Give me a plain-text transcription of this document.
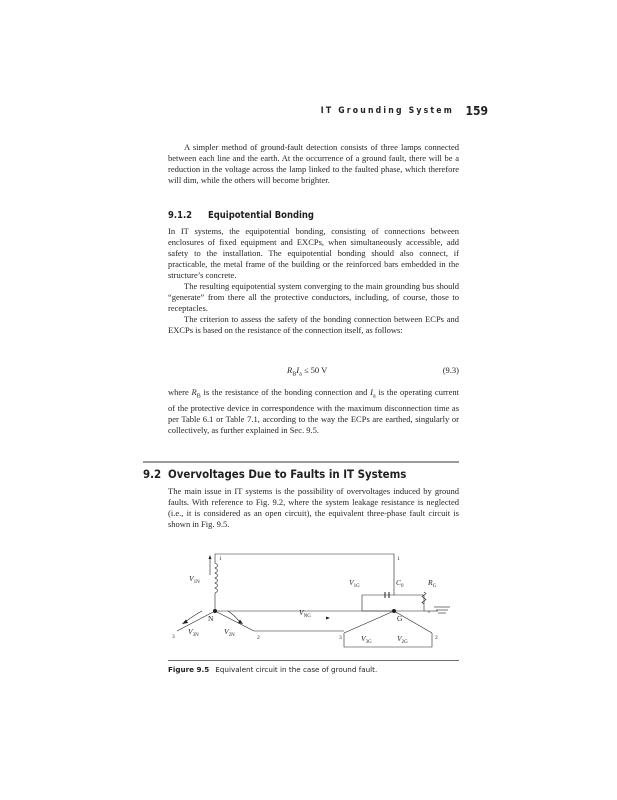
IT Grounding System 159

A simpler method of ground-fault detection consists of three lamps connected between each line and the earth. At the occurrence of a ground fault, there will be a reduction in the voltage across the lamp linked to the faulted phase, which therefore will dim, while the others will become brighter.

9.1.2 Equipotential Bonding

In IT systems, the equipotential bonding, consisting of connections between enclosures of fixed equipment and EXCPs, when simultaneously accessible, add safety to the installation. The equipotential bonding should also connect, if practicable, the metal frame of the building or the reinforced bars embedded in the structure’s concrete.

The resulting equipotential system converging to the main grounding bus should “generate” from there all the protective conductors, including, of course, those to receptacles.

The criterion to assess the safety of the bonding connection between ECPs and EXCPs is based on the resistance of the connection itself, as follows:

$R_BI_a \le 50$ V	(9.3)

where $R_B$ is the resistance of the bonding connection and $I_a$ is the operating current of the protective device in correspondence with the maximum disconnection time as per Table 6.1 or Table 7.1, according to the way the ECPs are earthed, singularly or collectively, as further explained in Sec. 9.5.

9.2 Overvoltages Due to Faults in IT Systems

The main issue in IT systems is the possibility of overvoltages induced by ground faults. With reference to Fig. 9.2, where the system leakage resistance is neglected (i.e., it is considered as an open circuit), the equivalent three-phase fault circuit is shown in Fig. 9.5.

$V_{1N}$	$V_{1G}$	$C_0$	$R_G$
$V_{NG}$
$V_{3N}$	$V_{2N}$	$V_{3G}$	$V_{2G}$
N	G
1
2
3
1
2
3
Figure 9.5 Equivalent circuit in the case of ground fault.
